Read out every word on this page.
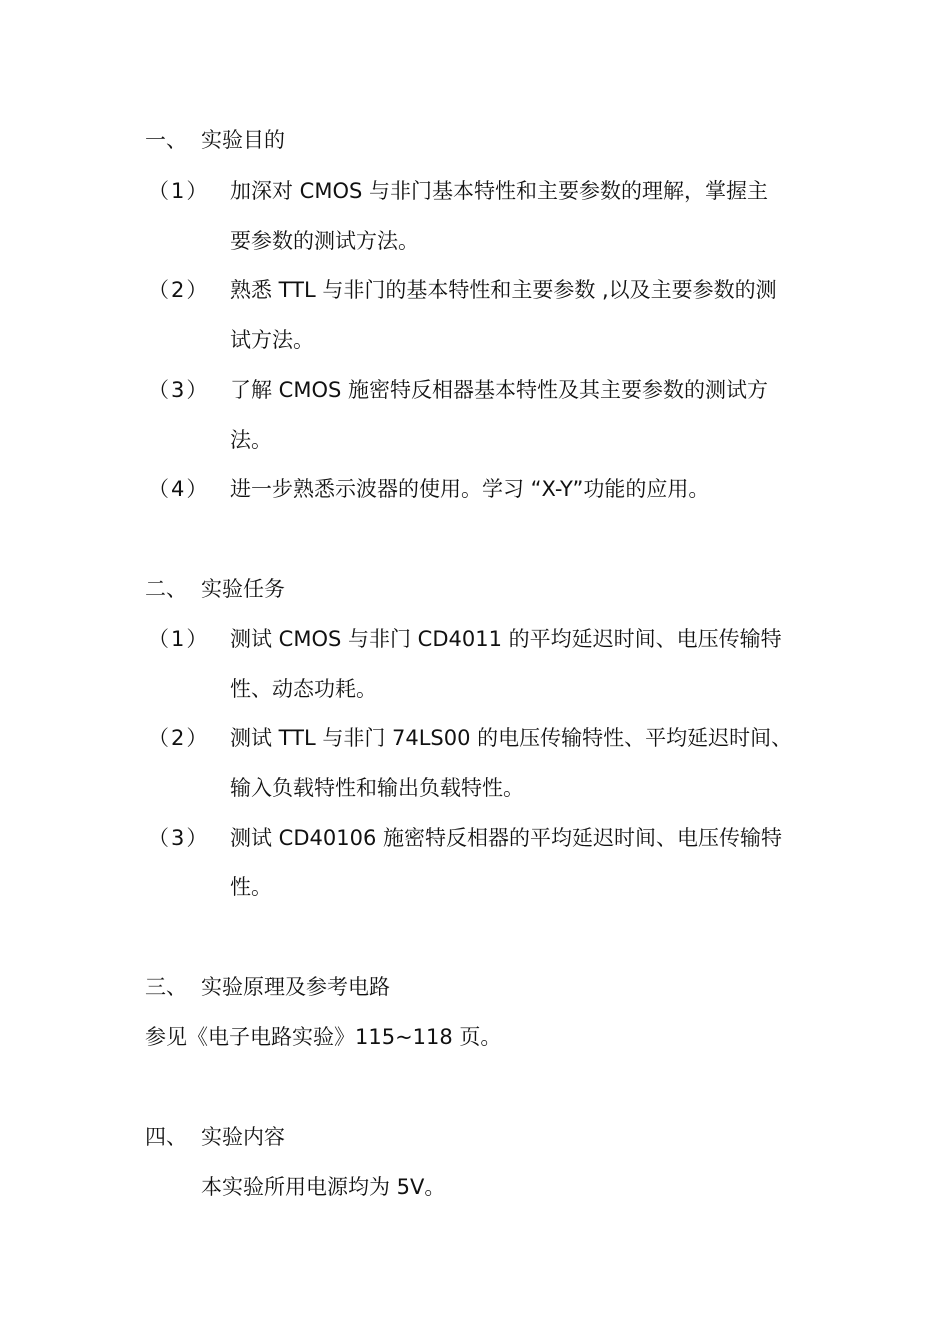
一、 实验目的
（1） 加深对 CMOS 与非门基本特性和主要参数的理解，掌握主
要参数的测试方法。
（2） 熟悉 TTL 与非门的基本特性和主要参数 ,以及主要参数的测
试方法。
（3） 了解 CMOS 施密特反相器基本特性及其主要参数的测试方
法。
（4） 进一步熟悉示波器的使用。学习 “X-Y”功能的应用。
二、 实验任务
（1） 测试 CMOS 与非门 CD4011 的平均延迟时间、电压传输特
性、动态功耗。
（2） 测试 TTL 与非门 74LS00 的电压传输特性、平均延迟时间、
输入负载特性和输出负载特性。
（3） 测试 CD40106 施密特反相器的平均延迟时间、电压传输特
性。
三、 实验原理及参考电路
参见《电子电路实验》115~118 页。
四、 实验内容
本实验所用电源均为 5V。
